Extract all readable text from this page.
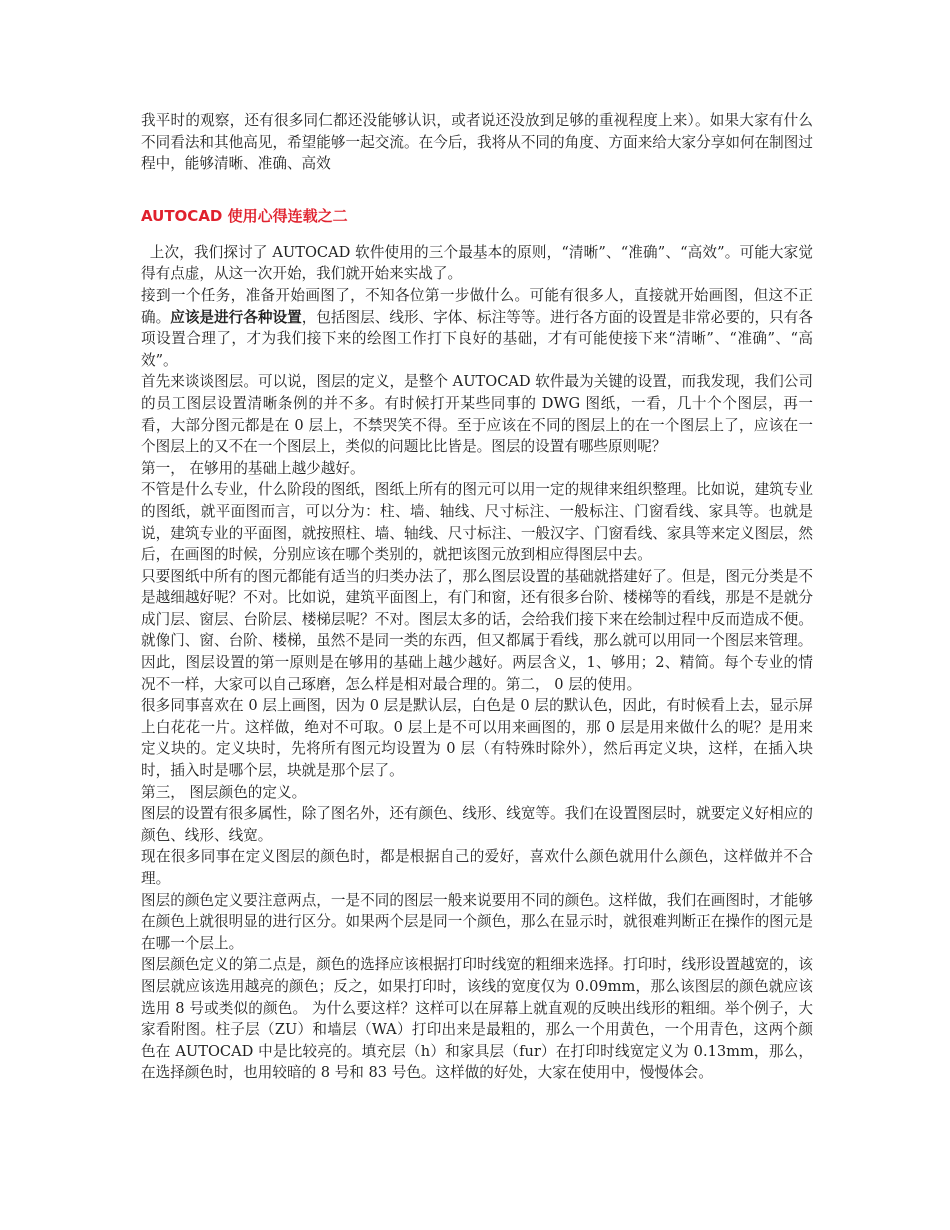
我平时的观察，还有很多同仁都还没能够认识，或者说还没放到足够的重视程度上来）。如果大家有什么不同看法和其他高见，希望能够一起交流。在今后，我将从不同的角度、方面来给大家分享如何在制图过程中，能够清晰、准确、高效

AUTOCAD 使用心得连载之二

上次，我们探讨了 AUTOCAD 软件使用的三个最基本的原则，“清晰”、“准确”、“高效”。可能大家觉得有点虚，从这一次开始，我们就开始来实战了。

接到一个任务，准备开始画图了，不知各位第一步做什么。可能有很多人，直接就开始画图，但这不正确。应该是进行各种设置，包括图层、线形、字体、标注等等。进行各方面的设置是非常必要的，只有各项设置合理了，才为我们接下来的绘图工作打下良好的基础，才有可能使接下来“清晰”、“准确”、“高效”。

首先来谈谈图层。可以说，图层的定义，是整个 AUTOCAD 软件最为关键的设置，而我发现，我们公司的员工图层设置清晰条例的并不多。有时候打开某些同事的 DWG 图纸，一看，几十个个图层，再一看，大部分图元都是在 0 层上，不禁哭笑不得。至于应该在不同的图层上的在一个图层上了，应该在一个图层上的又不在一个图层上，类似的问题比比皆是。图层的设置有哪些原则呢？

第一， 在够用的基础上越少越好。

不管是什么专业，什么阶段的图纸，图纸上所有的图元可以用一定的规律来组织整理。比如说，建筑专业的图纸，就平面图而言，可以分为：柱、墙、轴线、尺寸标注、一般标注、门窗看线、家具等。也就是说，建筑专业的平面图，就按照柱、墙、轴线、尺寸标注、一般汉字、门窗看线、家具等来定义图层，然后，在画图的时候，分别应该在哪个类别的，就把该图元放到相应得图层中去。

只要图纸中所有的图元都能有适当的归类办法了，那么图层设置的基础就搭建好了。但是，图元分类是不是越细越好呢？不对。比如说，建筑平面图上，有门和窗，还有很多台阶、楼梯等的看线，那是不是就分成门层、窗层、台阶层、楼梯层呢？不对。图层太多的话，会给我们接下来在绘制过程中反而造成不便。就像门、窗、台阶、楼梯，虽然不是同一类的东西，但又都属于看线，那么就可以用同一个图层来管理。

因此，图层设置的第一原则是在够用的基础上越少越好。两层含义，1、够用；2、精简。每个专业的情况不一样，大家可以自己琢磨，怎么样是相对最合理的。第二， 0 层的使用。

很多同事喜欢在 0 层上画图，因为 0 层是默认层，白色是 0 层的默认色，因此，有时候看上去，显示屏上白花花一片。这样做，绝对不可取。0 层上是不可以用来画图的，那 0 层是用来做什么的呢？是用来定义块的。定义块时，先将所有图元均设置为 0 层（有特殊时除外），然后再定义块，这样，在插入块时，插入时是哪个层，块就是那个层了。

第三， 图层颜色的定义。

图层的设置有很多属性，除了图名外，还有颜色、线形、线宽等。我们在设置图层时，就要定义好相应的颜色、线形、线宽。

现在很多同事在定义图层的颜色时，都是根据自己的爱好，喜欢什么颜色就用什么颜色，这样做并不合理。

图层的颜色定义要注意两点，一是不同的图层一般来说要用不同的颜色。这样做，我们在画图时，才能够在颜色上就很明显的进行区分。如果两个层是同一个颜色，那么在显示时，就很难判断正在操作的图元是在哪一个层上。

图层颜色定义的第二点是，颜色的选择应该根据打印时线宽的粗细来选择。打印时，线形设置越宽的，该图层就应该选用越亮的颜色；反之，如果打印时，该线的宽度仅为 0.09mm，那么该图层的颜色就应该选用 8 号或类似的颜色。 为什么要这样？这样可以在屏幕上就直观的反映出线形的粗细。举个例子，大家看附图。柱子层（ZU）和墙层（WA）打印出来是最粗的，那么一个用黄色，一个用青色，这两个颜色在 AUTOCAD 中是比较亮的。填充层（h）和家具层（fur）在打印时线宽定义为 0.13mm，那么，在选择颜色时，也用较暗的 8 号和 83 号色。这样做的好处，大家在使用中，慢慢体会。
